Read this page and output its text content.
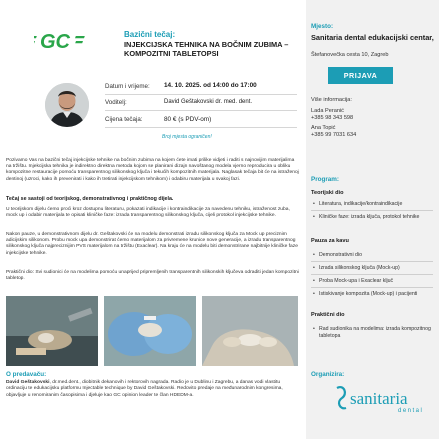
GC	Bazični tečaj:
INJEKCIJSKA TEHNIKA NA BOČNIM ZUBIMA – KOMPOZITNI TABLETOPSI
Mjesto:
Sanitaria dental edukacijski centar,
Štefanovečka cesta 10, Zagreb
PRIJAVA
Više informacija:
Lada Peranić
+385 98 343 598
Ana Topić
+385 99 7031 634
Program:
Teorijski dio
• Literatura, indikacije/kontraindikacije
• Kliničke faze: izrada ključa, protokol tehnike
Pauza za kavu
• Demonstrativni dio
• Izrada silikonskog ključa (Mock-up)
• Proba Mock-upa i Exaclear ključ
• Istiskivanje kompozita (Mock-up) i pacijenti
Praktični dio
• Rad sudionika na modelima: izrada kompozitnog tabletopa
Organizira:
sanitaria
dental
Datum i vrijeme: 14. 10. 2025. od 14:00 do 17:00
Voditelj:	David Geštakovski dr. med. dent.
Cijena tečaja:	80 € (s PDV-om)
Broj mjesta ograničen!
Pozivamo Vas na bazični tečaj injekcijske tehnike na bočnim zubima na kojem ćete imati prilike vidjeti i raditi s najnovijim materijalima na tržištu. Injekcijska tehnika je indirektno direktna metoda kojom se planirani dizajn navoštanog modela vjerno reproducira u obliku kompozitne restauracije pomoću transparentnog silikonskog ključa i tekućih kompozitnih materijala. Naglasak tečaja bit će na istraženoj dentinoj (uzroci, kako ih prevenirati i kako ih tretirati injekcijskom tehnikom) i odabiru materijala u svakoj fazi.
Tečaj se sastoji od teorijskog, demonstrativnog i praktičnog dijela.
U teorijskom dijelu ćemo proći kroz dostupnu literaturu, pokazati indikacije i kontraindikacije za navedenu tehniku, istraženost zuba, mock up i odabir materijala te opisati kliničke faze: izrada transparentnog silikonskog ključa, cijeli protokol injekcijske tehnike.
Nakon pauze, u demonstrativnom dijelu dr. Geštakovski će na modelu demonstrati izradu silikonskog ključa za Mock up preciznim adicijskim silikonom. Probu mock upa demonstrirat ćemo materijalom za privremene krunice nove generacije, a izradu transparentnog silikonskog ključa najpreciznijim PVS materijalom na tržištu (Exaclear). Na kraju će na modelu biti demonstrirane najbitnije kliničke faze injekcijske tehnike.
Praktični dio: Svi sudionici će na modelima pomoću unaprijed pripremljenih transparentnih silikonskih ključeva odraditi jedan kompozitni tabletop.
O predavaču:
David Geštakovski, dr.med.dent., diobitnik dekanovih i rektorovih nagrada. Radio je u Dublinu i Zagrebu, a danas vodi vlastitu ordinaciju te edukacijsku platformu Injectable technique by David Geštakovski. Redovito predaje na međunarodnim kongresima, objavljuje u renomiranim časopisima i djeluje kao GC opinion leader te član HDEDM-a.
